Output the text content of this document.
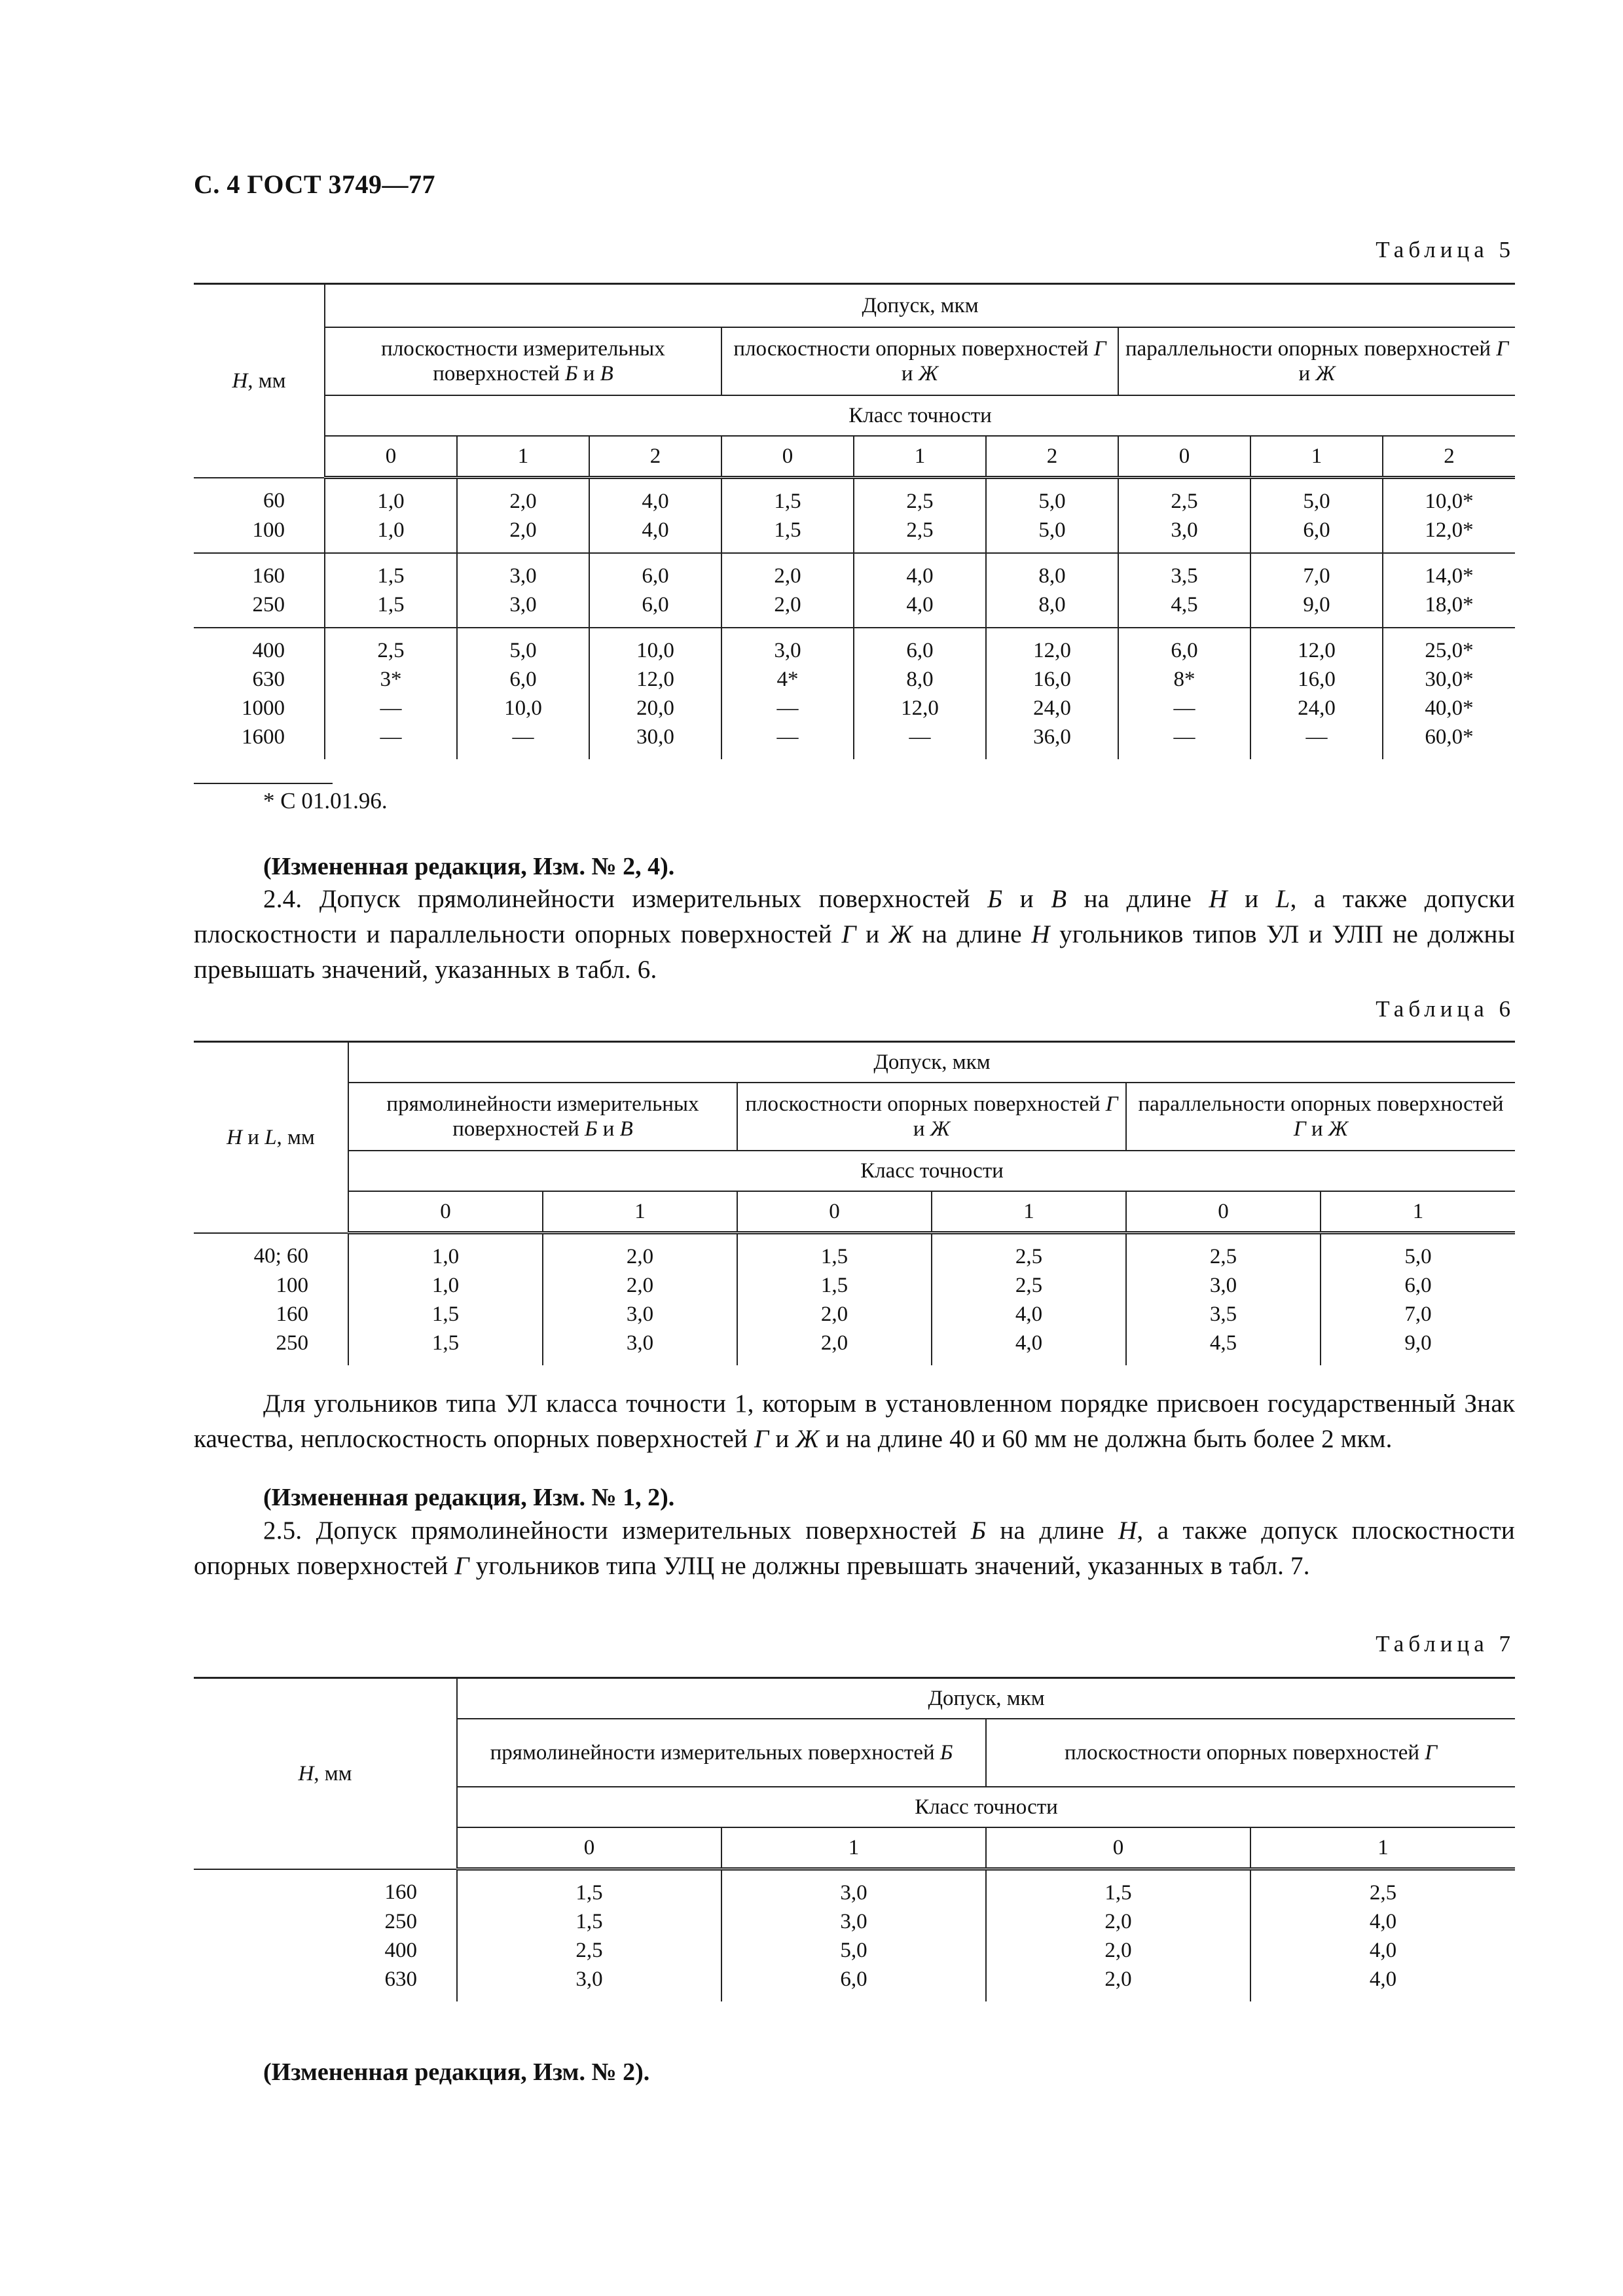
С. 4 ГОСТ 3749—77
Таблица 5
H, мм	Допуск, мкм								
	плоскостности измерительных поверхностей Б и В			плоскостности опорных поверхностей Г и Ж			параллельности опорных поверхностей Г и Ж		
	Класс точности								
	0	1	2	0	1	2	0	1	2
60	1,0	2,0	4,0	1,5	2,5	5,0	2,5	5,0	10,0*
100	1,0	2,0	4,0	1,5	2,5	5,0	3,0	6,0	12,0*
160	1,5	3,0	6,0	2,0	4,0	8,0	3,5	7,0	14,0*
250	1,5	3,0	6,0	2,0	4,0	8,0	4,5	9,0	18,0*
400	2,5	5,0	10,0	3,0	6,0	12,0	6,0	12,0	25,0*
630	3*	6,0	12,0	4*	8,0	16,0	8*	16,0	30,0*
1000	—	10,0	20,0	—	12,0	24,0	—	24,0	40,0*
1600	—	—	30,0	—	—	36,0	—	—	60,0*
* С 01.01.96.
(Измененная редакция, Изм. № 2, 4).
2.4. Допуск прямолинейности измерительных поверхностей Б и В на длине H и L, а также допуски плоскостности и параллельности опорных поверхностей Г и Ж на длине H угольников типов УЛ и УЛП не должны превышать значений, указанных в табл. 6.
Таблица 6
H и L, мм	Допуск, мкм					
	прямолинейности измерительных поверхностей Б и В		плоскостности опорных поверхностей Г и Ж		параллельности опорных поверхностей Г и Ж	
	Класс точности					
	0	1	0	1	0	1
40; 60	1,0	2,0	1,5	2,5	2,5	5,0
100	1,0	2,0	1,5	2,5	3,0	6,0
160	1,5	3,0	2,0	4,0	3,5	7,0
250	1,5	3,0	2,0	4,0	4,5	9,0
Для угольников типа УЛ класса точности 1, которым в установленном порядке присвоен государственный Знак качества, неплоскостность опорных поверхностей Г и Ж и на длине 40 и 60 мм не должна быть более 2 мкм.
(Измененная редакция, Изм. № 1, 2).
2.5. Допуск прямолинейности измерительных поверхностей Б на длине H, а также допуск плоскостности опорных поверхностей Г угольников типа УЛЦ не должны превышать значений, указанных в табл. 7.
Таблица 7
H, мм	Допуск, мкм			
	прямолинейности измерительных поверхностей Б		плоскостности опорных поверхностей Г	
	Класс точности			
	0	1	0	1
160	1,5	3,0	1,5	2,5
250	1,5	3,0	2,0	4,0
400	2,5	5,0	2,0	4,0
630	3,0	6,0	2,0	4,0
(Измененная редакция, Изм. № 2).
